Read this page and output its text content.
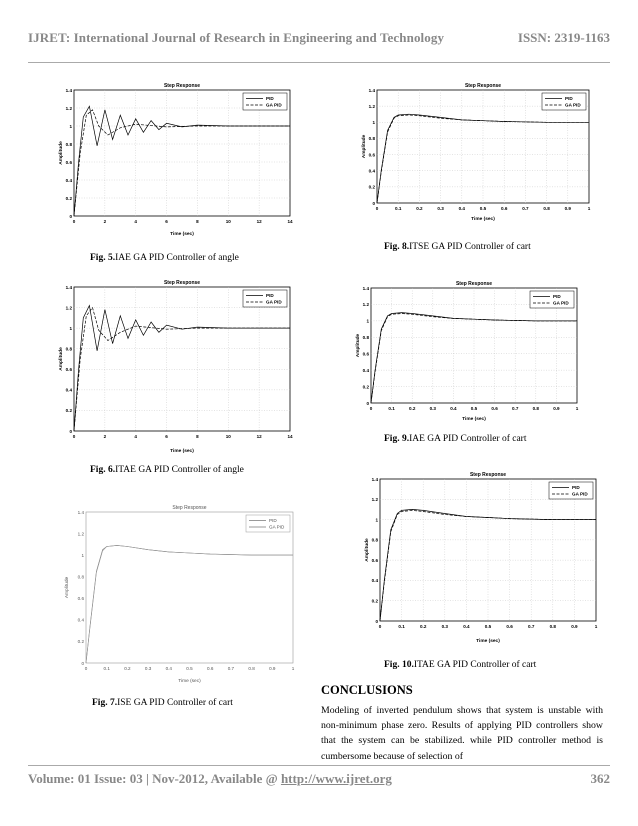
IJRET: International Journal of Research in Engineering and Technology	ISSN: 2319-1163
Step Response
0
0.2
0.4
0.6
0.8
1
1.2
1.4
0	2	4	6	8	10	12	14
Time (sec)
Amplitude
PID
GA PID
Fig. 5.IAE GA PID Controller of angle
Step Response
0
0.2
0.4
0.6
0.8
1
1.2
1.4
0	2	4	6	8	10	12	14
Time (sec)
Amplitude
PID
GA PID
Fig. 6.ITAE GA PID Controller of angle
Step Response
0
0.2
0.4
0.6
0.8
1
1.2
1.4
0	0.1	0.2	0.3	0.4	0.5	0.6	0.7	0.8	0.9	1
Time (sec)
Amplitude
PID
GA PID
Fig. 7.ISE GA PID Controller of cart
Step Response
0
0.2
0.4
0.6
0.8
1
1.2
1.4
0	0.1	0.2	0.3	0.4	0.5	0.6	0.7	0.8	0.9	1
Time (sec)
Amplitude
PID
GA PID
Fig. 8.ITSE GA PID Controller of cart
Step Response
0
0.2
0.4
0.6
0.8
1
1.2
1.4
0	0.1	0.2	0.3	0.4	0.5	0.6	0.7	0.8	0.9	1
Time (sec)
Amplitude
PID
GA PID
Fig. 9.IAE GA PID Controller of cart
Step Response
0
0.2
0.4
0.6
0.8
1
1.2
1.4
0	0.1	0.2	0.3	0.4	0.5	0.6	0.7	0.8	0.9	1
Time (sec)
Amplitude
PID
GA PID
Fig. 10.ITAE GA PID Controller of cart
CONCLUSIONS
Modeling of inverted pendulum shows that system is unstable with non-minimum phase zero. Results of applying PID controllers show that the system can be stabilized. while PID controller method is cumbersome because of selection of
Volume: 01 Issue: 03 | Nov-2012, Available @ http://www.ijret.org	362
